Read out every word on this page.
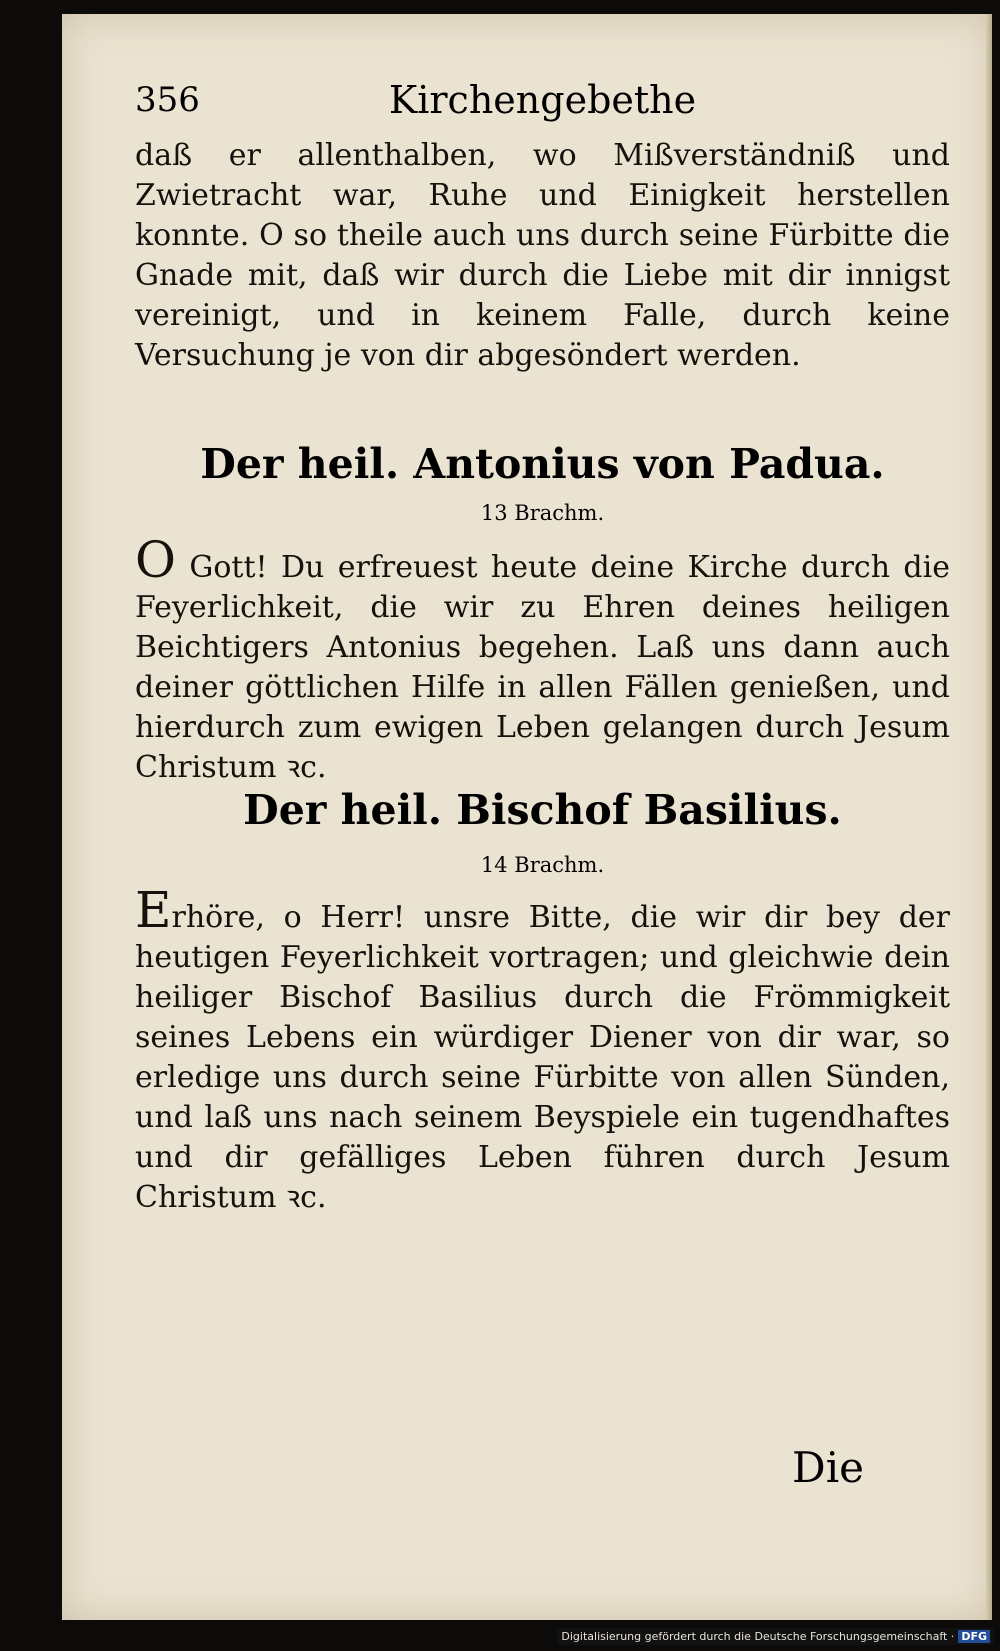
356	Kirchengebethe

daß er allenthalben, wo Mißverständniß und Zwietracht war, Ruhe und Einigkeit herstellen konnte. O so theile auch uns durch seine Fürbitte die Gnade mit, daß wir durch die Liebe mit dir innigst vereinigt, und in keinem Falle, durch keine Versuchung je von dir abgesöndert werden.

Der heil. Antonius von Padua.

13 Brachm.

O Gott! Du erfreuest heute deine Kirche durch die Feyerlichkeit, die wir zu Ehren deines heiligen Beichtigers Antonius begehen. Laß uns dann auch deiner göttlichen Hilfe in allen Fällen genießen, und hierdurch zum ewigen Leben gelangen durch Jesum Christum ꝛc.

Der heil. Bischof Basilius.

14 Brachm.

Erhöre, o Herr! unsre Bitte, die wir dir bey der heutigen Feyerlichkeit vortragen; und gleichwie dein heiliger Bischof Basilius durch die Frömmigkeit seines Lebens ein würdiger Diener von dir war, so erledige uns durch seine Fürbitte von allen Sünden, und laß uns nach seinem Beyspiele ein tugendhaftes und dir gefälliges Leben führen durch Jesum Christum ꝛc.

Die
Digitalisierung gefördert durch die Deutsche Forschungsgemeinschaft · DFG
